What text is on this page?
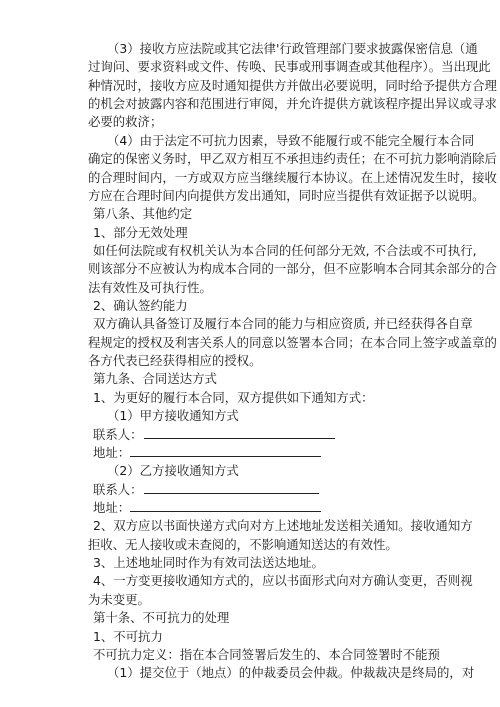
（3）接收方应法院或其它法律'行政管理部门要求披露保密信息（通
过询问、要求资料或文件、传唤、民事或刑事调查或其他程序）。当出现此
种情况时，接收方应及时通知提供方并做出必要说明，同时给予提供方合理
的机会对披露内容和范围进行审阅，并允许提供方就该程序提出异议或寻求
必要的救济；
（4）由于法定不可抗力因素，导致不能履行或不能完全履行本合同
确定的保密义务时，甲乙双方相互不承担违约责任；在不可抗力影响消除后
的合理时间内，一方或双方应当继续履行本协议。在上述情况发生时，接收
方应在合理时间内向提供方发出通知，同时应当提供有效证据予以说明。
第八条、其他约定
1、部分无效处理
如任何法院或有权机关认为本合同的任何部分无效, 不合法或不可执行,
则该部分不应被认为构成本合同的一部分，但不应影响本合同其余部分的合
法有效性及可执行性。
2、确认签约能力
双方确认具备签订及履行本合同的能力与相应资质, 并已经获得各自章
程规定的授权及利害关系人的同意以签署本合同；在本合同上签字或盖章的
各方代表已经获得相应的授权。
第九条、合同送达方式
1、为更好的履行本合同，双方提供如下通知方式：
（1）甲方接收通知方式
联系人：
地址：
（2）乙方接收通知方式
联系人：
地址：
2、双方应以书面快递方式向对方上述地址发送相关通知。接收通知方
拒收、无人接收或未查阅的，不影响通知送达的有效性。
3、上述地址同时作为有效司法送达地址。
4、一方变更接收通知方式的，应以书面形式向对方确认变更，否则视
为未变更。
第十条、不可抗力的处理
1、不可抗力
不可抗力定义：指在本合同签署后发生的、本合同签署时不能预
（1）提交位于（地点）的仲裁委员会仲裁。仲裁裁决是终局的，对
